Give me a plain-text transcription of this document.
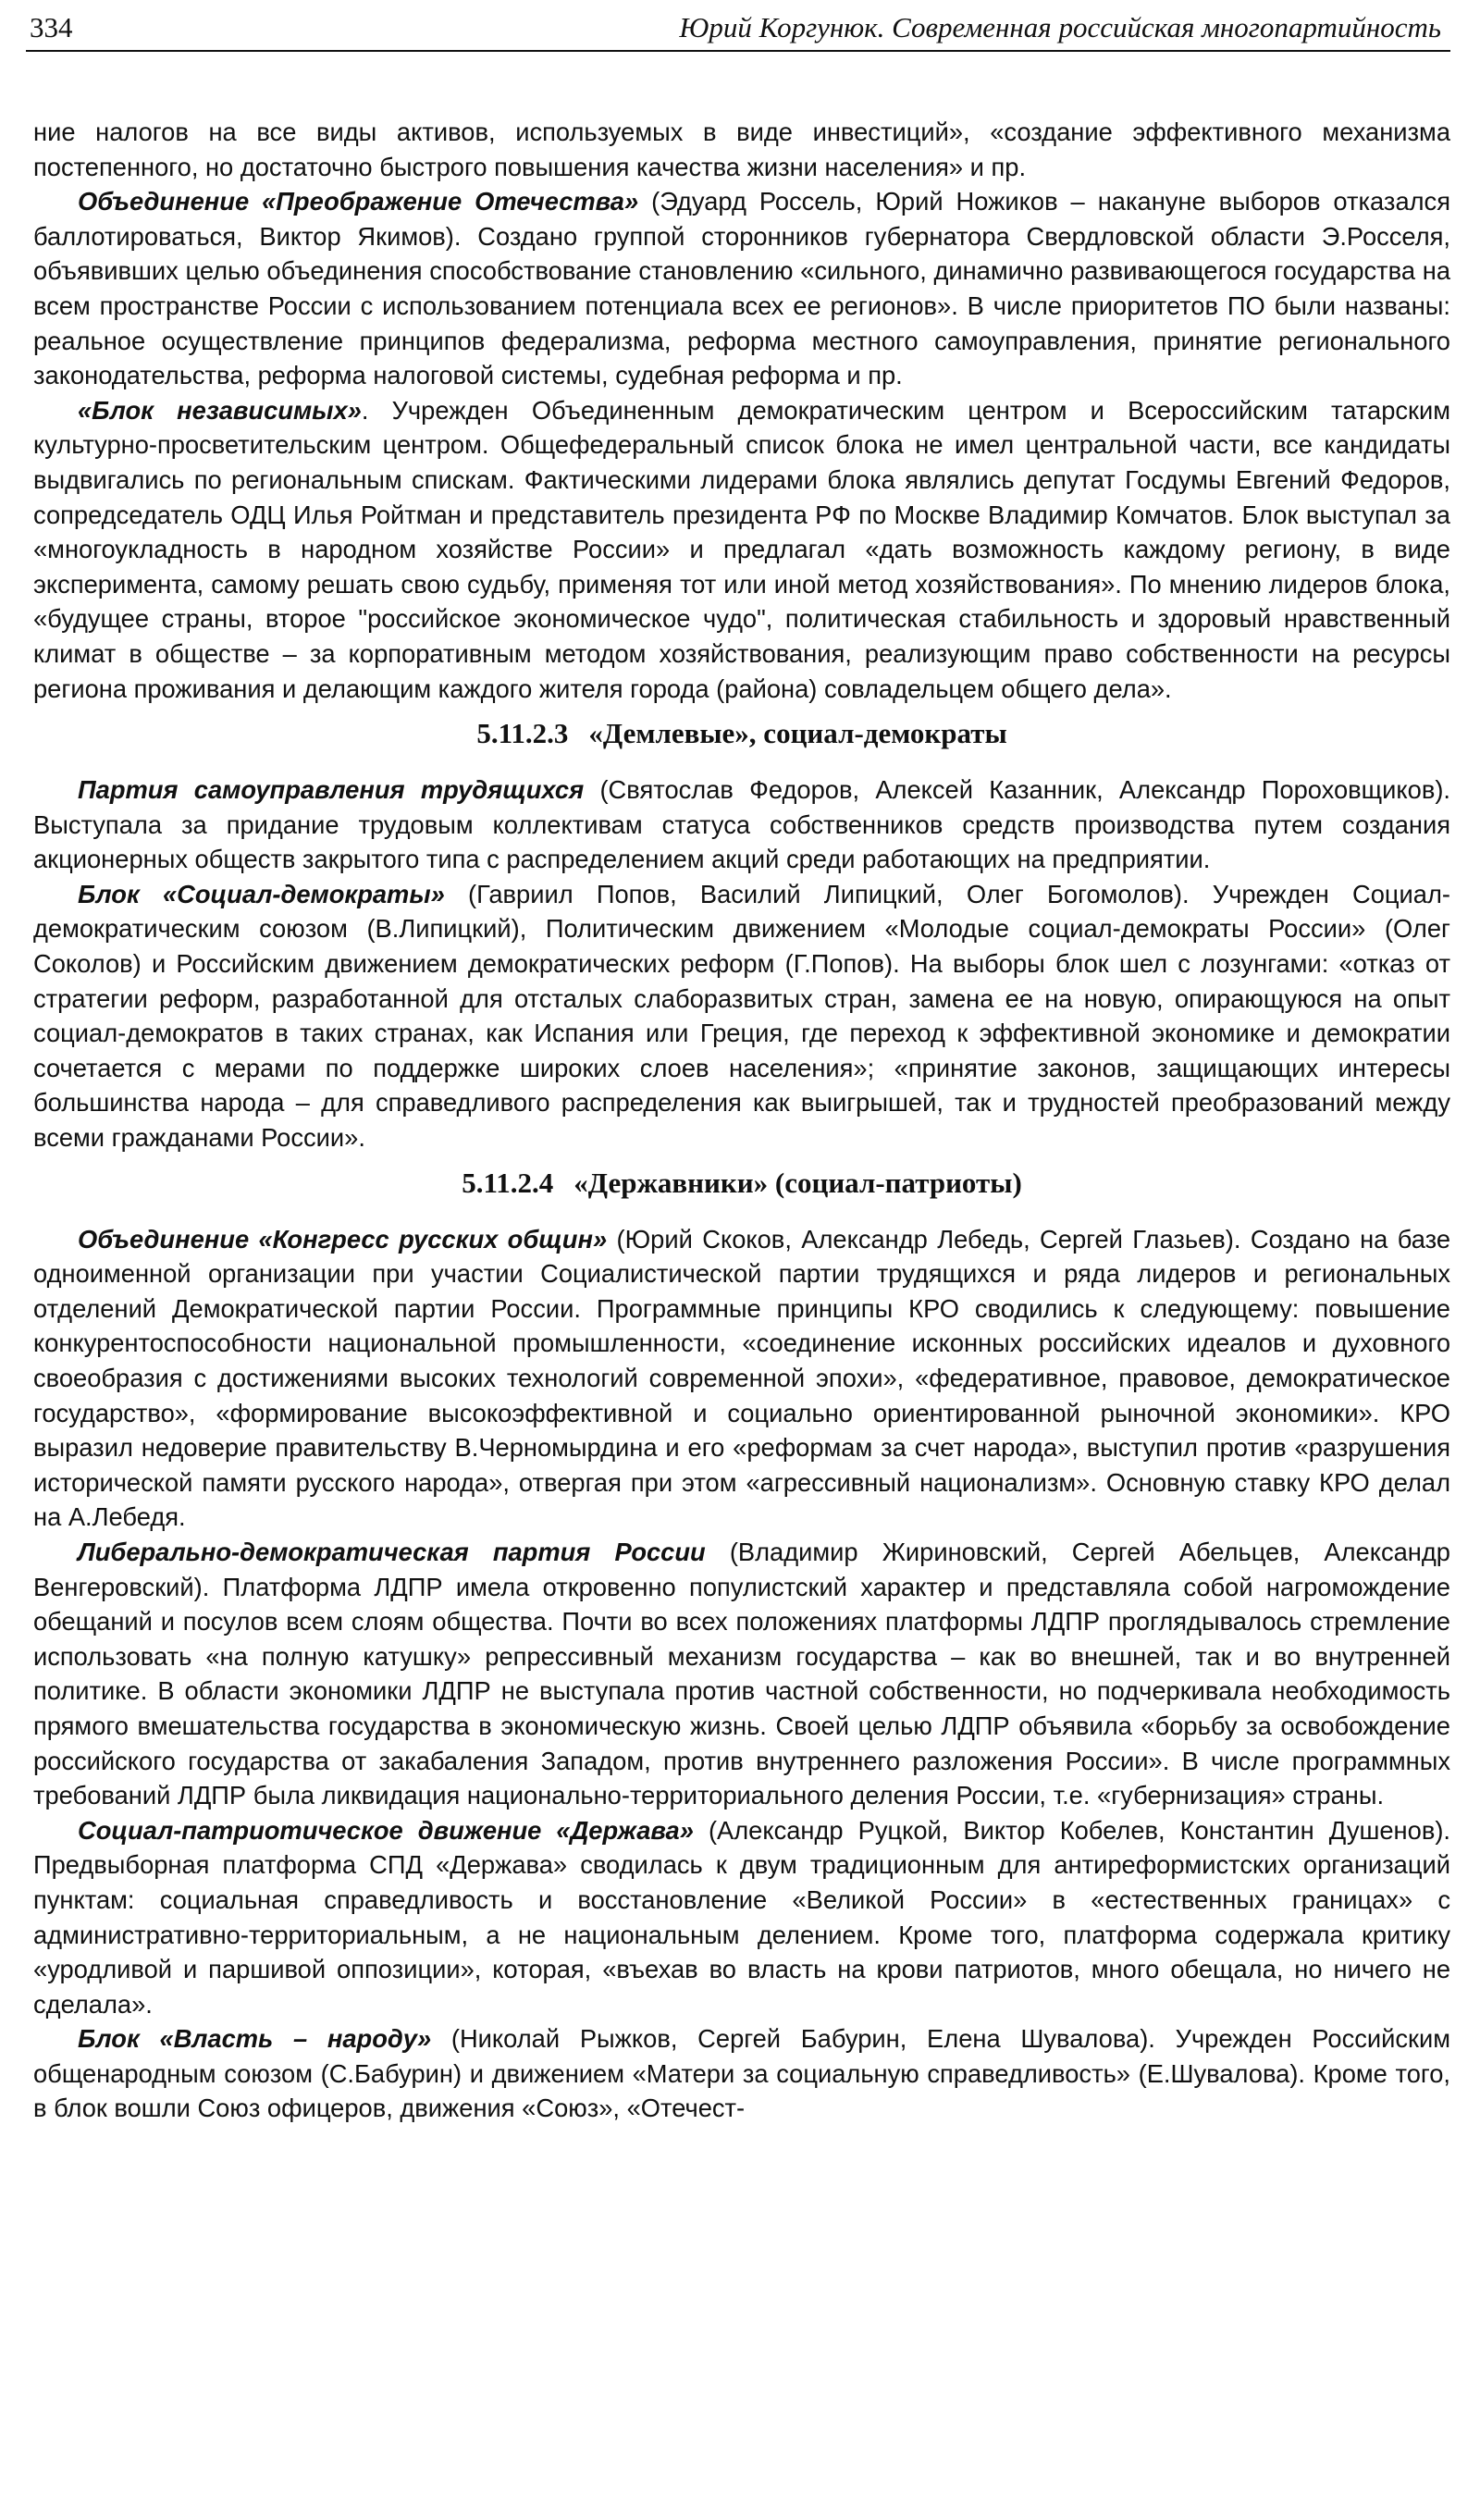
334	Юрий Коргунюк. Современная российская многопартийность

ние налогов на все виды активов, используемых в виде инвестиций», «создание эффективного механизма постепенного, но достаточно быстрого повышения качества жизни населения» и пр.

Объединение «Преображение Отечества» (Эдуард Россель, Юрий Ножиков – накануне выборов отказался баллотироваться, Виктор Якимов). Создано группой сторонников губернатора Свердловской области Э.Росселя, объявивших целью объединения способствование становлению «сильного, динамично развивающегося государства на всем пространстве России с использованием потенциала всех ее регионов». В числе приоритетов ПО были названы: реальное осуществление принципов федерализма, реформа местного самоуправления, принятие регионального законодательства, реформа налоговой системы, судебная реформа и пр.

«Блок независимых». Учрежден Объединенным демократическим центром и Всероссийским татарским культурно-просветительским центром. Общефедеральный список блока не имел центральной части, все кандидаты выдвигались по региональным спискам. Фактическими лидерами блока являлись депутат Госдумы Евгений Федоров, сопредседатель ОДЦ Илья Ройтман и представитель президента РФ по Москве Владимир Комчатов. Блок выступал за «многоукладность в народном хозяйстве России» и предлагал «дать возможность каждому региону, в виде эксперимента, самому решать свою судьбу, применяя тот или иной метод хозяйствования». По мнению лидеров блока, «будущее страны, второе "российское экономическое чудо", политическая стабильность и здоровый нравственный климат в обществе – за корпоративным методом хозяйствования, реализующим право собственности на ресурсы региона проживания и делающим каждого жителя города (района) совладельцем общего дела».

5.11.2.3 «Демлевые», социал-демократы

Партия самоуправления трудящихся (Святослав Федоров, Алексей Казанник, Александр Пороховщиков). Выступала за придание трудовым коллективам статуса собственников средств производства путем создания акционерных обществ закрытого типа с распределением акций среди работающих на предприятии.

Блок «Социал-демократы» (Гавриил Попов, Василий Липицкий, Олег Богомолов). Учрежден Социал-демократическим союзом (В.Липицкий), Политическим движением «Молодые социал-демократы России» (Олег Соколов) и Российским движением демократических реформ (Г.Попов). На выборы блок шел с лозунгами: «отказ от стратегии реформ, разработанной для отсталых слаборазвитых стран, замена ее на новую, опирающуюся на опыт социал-демократов в таких странах, как Испания или Греция, где переход к эффективной экономике и демократии сочетается с мерами по поддержке широких слоев населения»; «принятие законов, защищающих интересы большинства народа – для справедливого распределения как выигрышей, так и трудностей преобразований между всеми гражданами России».

5.11.2.4 «Державники» (социал-патриоты)

Объединение «Конгресс русских общин» (Юрий Скоков, Александр Лебедь, Сергей Глазьев). Создано на базе одноименной организации при участии Социалистической партии трудящихся и ряда лидеров и региональных отделений Демократической партии России. Программные принципы КРО сводились к следующему: повышение конкурентоспособности национальной промышленности, «соединение исконных российских идеалов и духовного своеобразия с достижениями высоких технологий современной эпохи», «федеративное, правовое, демократическое государство», «формирование высокоэффективной и социально ориентированной рыночной экономики». КРО выразил недоверие правительству В.Черномырдина и его «реформам за счет народа», выступил против «разрушения исторической памяти русского народа», отвергая при этом «агрессивный национализм». Основную ставку КРО делал на А.Лебедя.

Либерально-демократическая партия России (Владимир Жириновский, Сергей Абельцев, Александр Венгеровский). Платформа ЛДПР имела откровенно популистский характер и представляла собой нагромождение обещаний и посулов всем слоям общества. Почти во всех положениях платформы ЛДПР проглядывалось стремление использовать «на полную катушку» репрессивный механизм государства – как во внешней, так и во внутренней политике. В области экономики ЛДПР не выступала против частной собственности, но подчеркивала необходимость прямого вмешательства государства в экономическую жизнь. Своей целью ЛДПР объявила «борьбу за освобождение российского государства от закабаления Западом, против внутреннего разложения России». В числе программных требований ЛДПР была ликвидация национально-территориального деления России, т.е. «губернизация» страны.

Социал-патриотическое движение «Держава» (Александр Руцкой, Виктор Кобелев, Константин Душенов). Предвыборная платформа СПД «Держава» сводилась к двум традиционным для антиреформистских организаций пунктам: социальная справедливость и восстановление «Великой России» в «естественных границах» с административно-территориальным, а не национальным делением. Кроме того, платформа содержала критику «уродливой и паршивой оппозиции», которая, «въехав во власть на крови патриотов, много обещала, но ничего не сделала».

Блок «Власть – народу» (Николай Рыжков, Сергей Бабурин, Елена Шувалова). Учрежден Российским общенародным союзом (С.Бабурин) и движением «Матери за социальную справедливость» (Е.Шувалова). Кроме того, в блок вошли Союз офицеров, движения «Союз», «Отечест-
